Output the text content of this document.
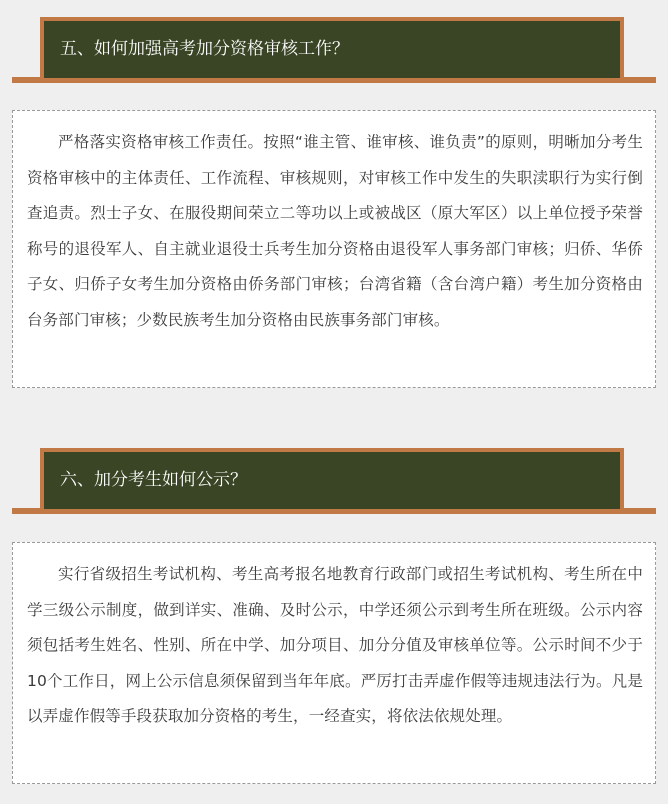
五、如何加强高考加分资格审核工作？
严格落实资格审核工作责任。按照“谁主管、谁审核、谁负责”的原则，明晰加分考生资格审核中的主体责任、工作流程、审核规则，对审核工作中发生的失职渎职行为实行倒查追责。烈士子女、在服役期间荣立二等功以上或被战区（原大军区）以上单位授予荣誉称号的退役军人、自主就业退役士兵考生加分资格由退役军人事务部门审核；归侨、华侨子女、归侨子女考生加分资格由侨务部门审核；台湾省籍（含台湾户籍）考生加分资格由台务部门审核；少数民族考生加分资格由民族事务部门审核。
六、加分考生如何公示？
实行省级招生考试机构、考生高考报名地教育行政部门或招生考试机构、考生所在中学三级公示制度，做到详实、准确、及时公示，中学还须公示到考生所在班级。公示内容须包括考生姓名、性别、所在中学、加分项目、加分分值及审核单位等。公示时间不少于10个工作日，网上公示信息须保留到当年年底。严厉打击弄虚作假等违规违法行为。凡是以弄虚作假等手段获取加分资格的考生，一经查实，将依法依规处理。
